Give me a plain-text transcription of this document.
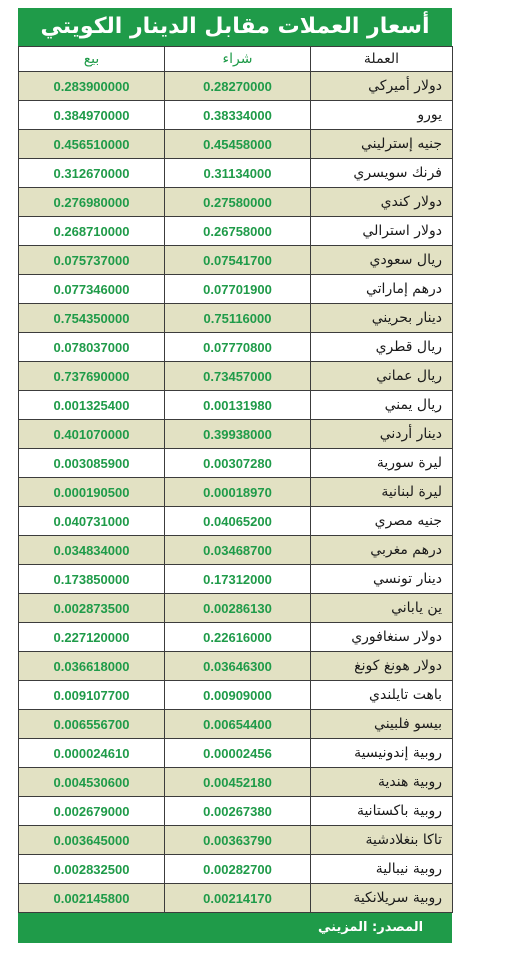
أسعار العملات مقابل الدينار الكويتي
بيع	شراء	العملة
0.283900000	0.28270000	دولار أميركي
0.384970000	0.38334000	يورو
0.456510000	0.45458000	جنيه إسترليني
0.312670000	0.31134000	فرنك سويسري
0.276980000	0.27580000	دولار كندي
0.268710000	0.26758000	دولار استرالي
0.075737000	0.07541700	ريال سعودي
0.077346000	0.07701900	درهم إماراتي
0.754350000	0.75116000	دينار بحريني
0.078037000	0.07770800	ريال قطري
0.737690000	0.73457000	ريال عماني
0.001325400	0.00131980	ريال يمني
0.401070000	0.39938000	دينار أردني
0.003085900	0.00307280	ليرة سورية
0.000190500	0.00018970	ليرة لبنانية
0.040731000	0.04065200	جنيه مصري
0.034834000	0.03468700	درهم مغربي
0.173850000	0.17312000	دينار تونسي
0.002873500	0.00286130	ين ياباني
0.227120000	0.22616000	دولار سنغافوري
0.036618000	0.03646300	دولار هونغ كونغ
0.009107700	0.00909000	باهت تايلندي
0.006556700	0.00654400	بيسو فلبيني
0.000024610	0.00002456	روبية إندونيسية
0.004530600	0.00452180	روبية هندية
0.002679000	0.00267380	روبية باكستانية
0.003645000	0.00363790	تاكا بنغلادشية
0.002832500	0.00282700	روبية نيبالية
0.002145800	0.00214170	روبية سريلانكية
المصدر: المزيني
